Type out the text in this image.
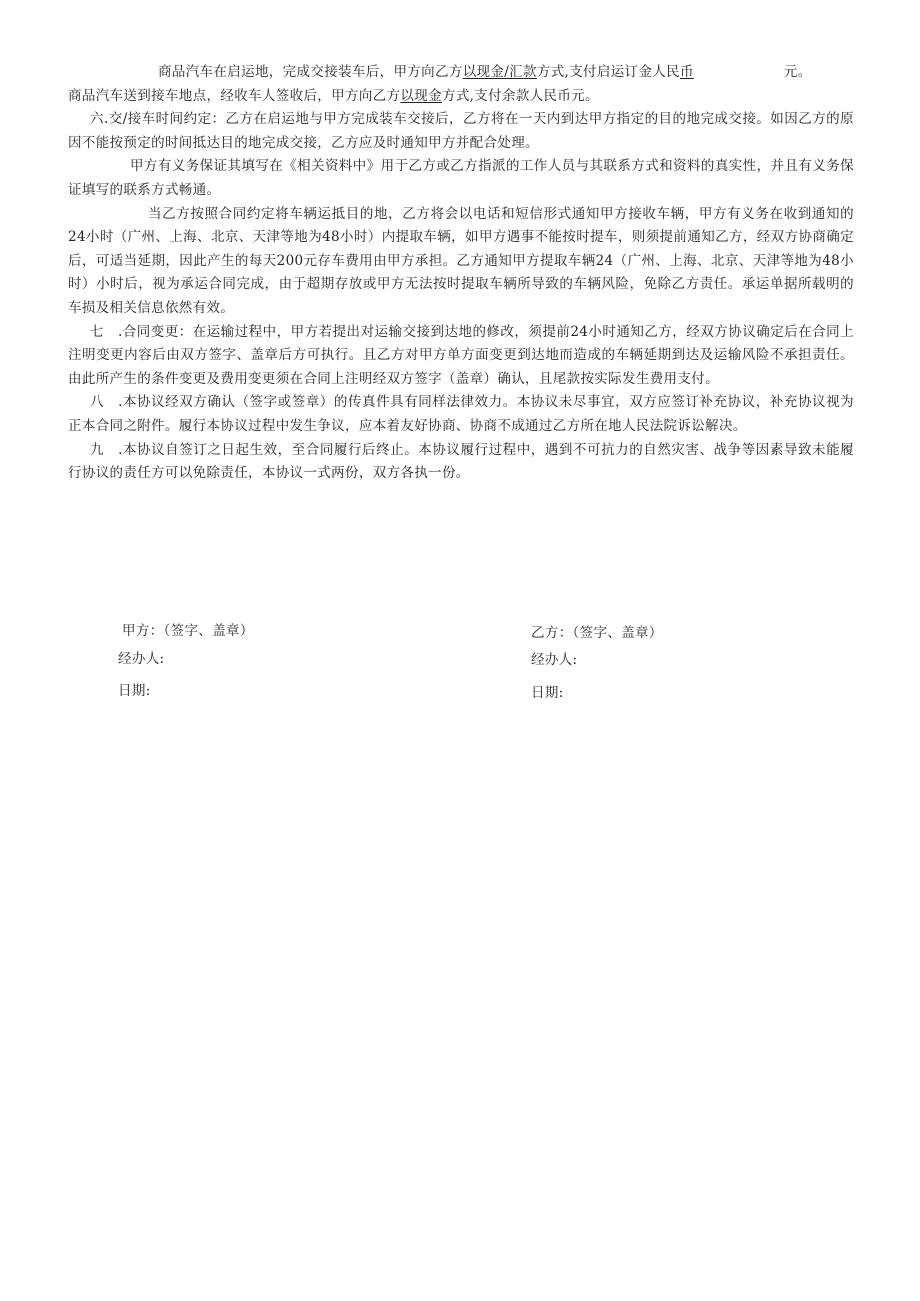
商品汽车在启运地，完成交接装车后，甲方向乙方以现金/汇款方式,支付启运订金人民币	元。
商品汽车送到接车地点，经收车人签收后，甲方向乙方以现金方式,支付余款人民币元。

六.交/接车时间约定：乙方在启运地与甲方完成装车交接后，乙方将在一天内到达甲方指定的目的地完成交接。如因乙方的原因不能按预定的时间抵达目的地完成交接，乙方应及时通知甲方并配合处理。

甲方有义务保证其填写在《相关资料中》用于乙方或乙方指派的工作人员与其联系方式和资料的真实性，并且有义务保证填写的联系方式畅通。

当乙方按照合同约定将车辆运抵目的地，乙方将会以电话和短信形式通知甲方接收车辆，甲方有义务在收到通知的24小时（广州、上海、北京、天津等地为48小时）内提取车辆，如甲方遇事不能按时提车，则须提前通知乙方，经双方协商确定后，可适当延期，因此产生的每天200元存车费用由甲方承担。乙方通知甲方提取车辆24（广州、上海、北京、天津等地为48小时）小时后，视为承运合同完成，由于超期存放或甲方无法按时提取车辆所导致的车辆风险，免除乙方责任。承运单据所载明的车损及相关信息依然有效。

七　.合同变更：在运输过程中，甲方若提出对运输交接到达地的修改，须提前24小时通知乙方，经双方协议确定后在合同上注明变更内容后由双方签字、盖章后方可执行。且乙方对甲方单方面变更到达地而造成的车辆延期到达及运输风险不承担责任。由此所产生的条件变更及费用变更须在合同上注明经双方签字（盖章）确认，且尾款按实际发生费用支付。

八　.本协议经双方确认（签字或签章）的传真件具有同样法律效力。本协议未尽事宜，双方应签订补充协议，补充协议视为正本合同之附件。履行本协议过程中发生争议，应本着友好协商、协商不成通过乙方所在地人民法院诉讼解决。

九　.本协议自签订之日起生效，至合同履行后终止。本协议履行过程中，遇到不可抗力的自然灾害、战争等因素导致未能履行协议的责任方可以免除责任，本协议一式两份，双方各执一份。

甲方：（签字、盖章）
经办人:
日期:
乙方：（签字、盖章）
经办人:
日期:
